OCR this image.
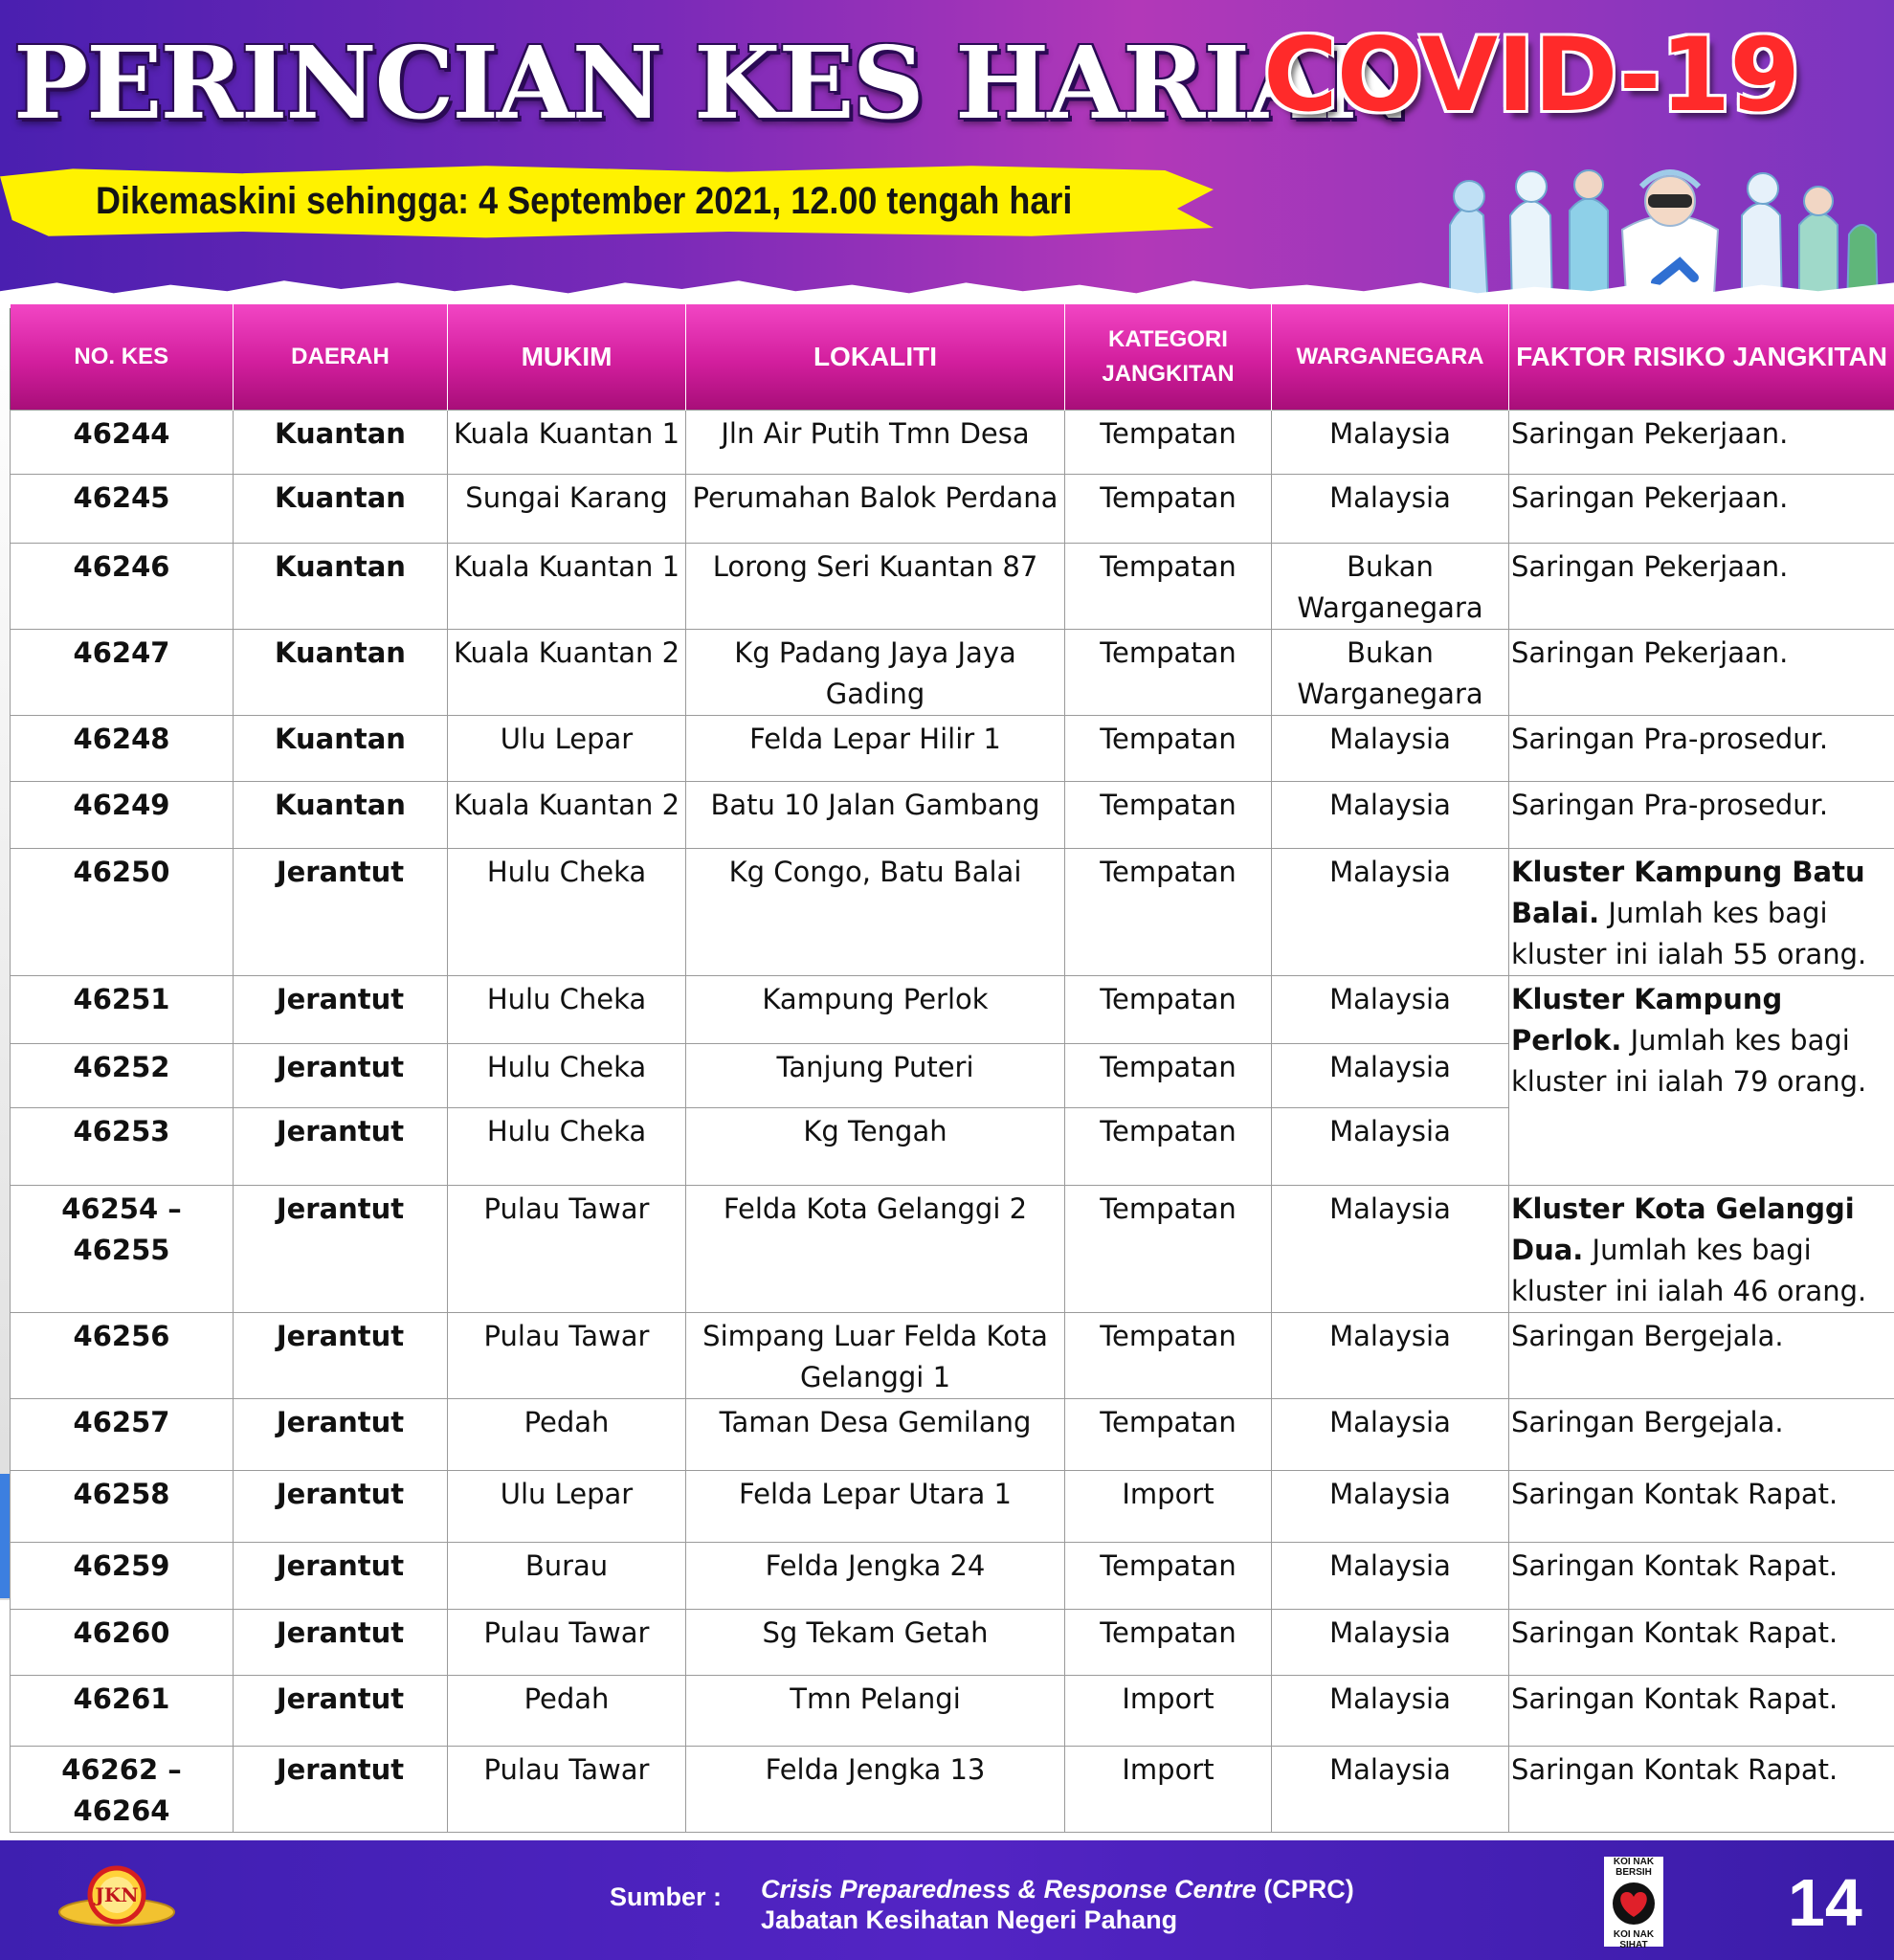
PERINCIAN KES HARIAN
COVID-19
Dikemaskini sehingga: 4 September 2021, 12.00 tengah hari
NO. KES	DAERAH	MUKIM	LOKALITI	KATEGORI JANGKITAN	WARGANEGARA	FAKTOR RISIKO JANGKITAN
46244	Kuantan	Kuala Kuantan 1	Jln Air Putih Tmn Desa	Tempatan	Malaysia	Saringan Pekerjaan.
46245	Kuantan	Sungai Karang	Perumahan Balok Perdana	Tempatan	Malaysia	Saringan Pekerjaan.
46246	Kuantan	Kuala Kuantan 1	Lorong Seri Kuantan 87	Tempatan	Bukan Warganegara	Saringan Pekerjaan.
46247	Kuantan	Kuala Kuantan 2	Kg Padang Jaya Jaya Gading	Tempatan	Bukan Warganegara	Saringan Pekerjaan.
46248	Kuantan	Ulu Lepar	Felda Lepar Hilir 1	Tempatan	Malaysia	Saringan Pra-prosedur.
46249	Kuantan	Kuala Kuantan 2	Batu 10 Jalan Gambang	Tempatan	Malaysia	Saringan Pra-prosedur.
46250	Jerantut	Hulu Cheka	Kg Congo, Batu Balai	Tempatan	Malaysia	Kluster Kampung Batu Balai. Jumlah kes bagi kluster ini ialah 55 orang.
46251	Jerantut	Hulu Cheka	Kampung Perlok	Tempatan	Malaysia	Kluster Kampung Perlok. Jumlah kes bagi kluster ini ialah 79 orang.
46252	Jerantut	Hulu Cheka	Tanjung Puteri	Tempatan	Malaysia	
46253	Jerantut	Hulu Cheka	Kg Tengah	Tempatan	Malaysia	
46254 – 46255	Jerantut	Pulau Tawar	Felda Kota Gelanggi 2	Tempatan	Malaysia	Kluster Kota Gelanggi Dua. Jumlah kes bagi kluster ini ialah 46 orang.
46256	Jerantut	Pulau Tawar	Simpang Luar Felda Kota Gelanggi 1	Tempatan	Malaysia	Saringan Bergejala.
46257	Jerantut	Pedah	Taman Desa Gemilang	Tempatan	Malaysia	Saringan Bergejala.
46258	Jerantut	Ulu Lepar	Felda Lepar Utara 1	Import	Malaysia	Saringan Kontak Rapat.
46259	Jerantut	Burau	Felda Jengka 24	Tempatan	Malaysia	Saringan Kontak Rapat.
46260	Jerantut	Pulau Tawar	Sg Tekam Getah	Tempatan	Malaysia	Saringan Kontak Rapat.
46261	Jerantut	Pedah	Tmn Pelangi	Import	Malaysia	Saringan Kontak Rapat.
46262 – 46264	Jerantut	Pulau Tawar	Felda Jengka 13	Import	Malaysia	Saringan Kontak Rapat.
JKN	Sumber : Crisis Preparedness & Response Centre (CPRC)
Jabatan Kesihatan Negeri Pahang
KOI NAK BERSIH
KOI NAK SIHAT
14
